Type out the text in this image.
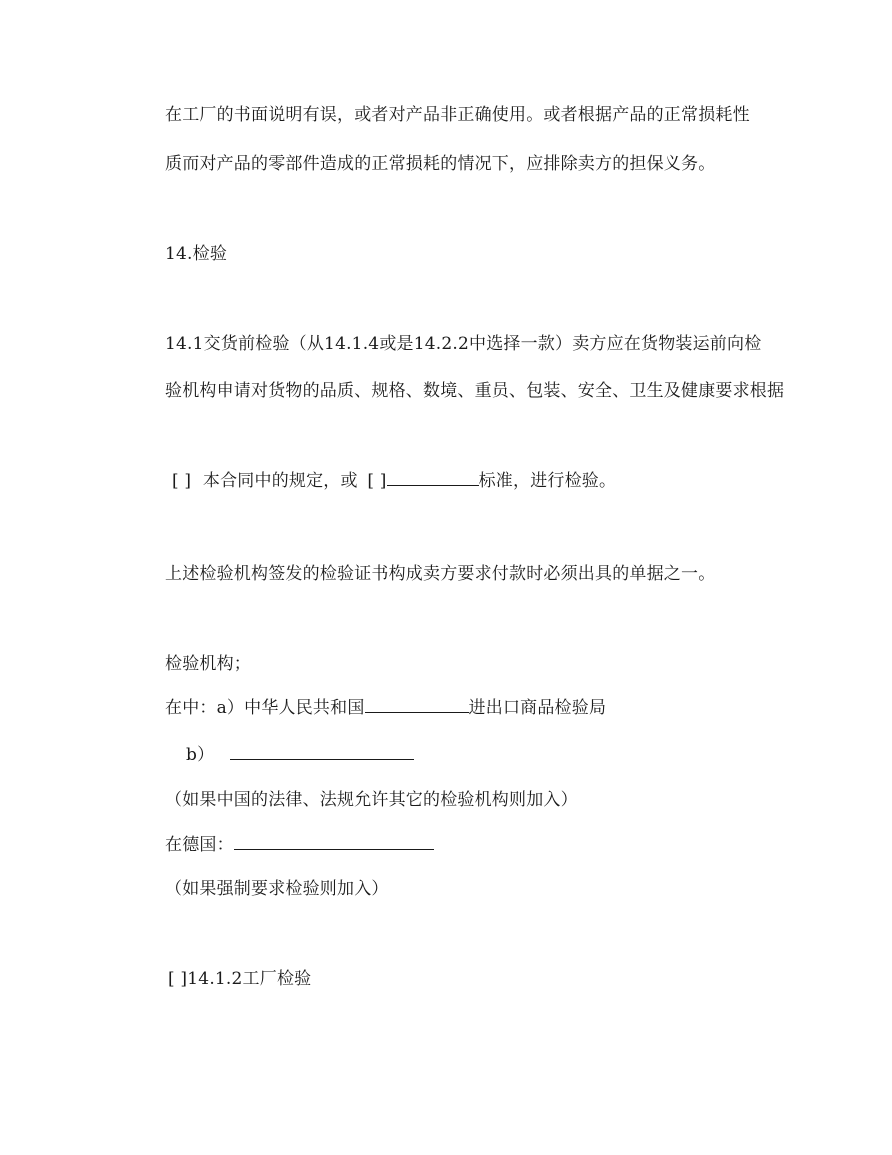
在工厂的书面说明有误，或者对产品非正确使用。或者根据产品的正常损耗性
质而对产品的零部件造成的正常损耗的情况下，应排除卖方的担保义务。
14.检验
14.1交货前检验（从14.1.4或是14.2.2中选择一款）卖方应在货物装运前向检
验机构申请对货物的品质、规格、数境、重员、包装、安全、卫生及健康要求根据
[ ] 本合同中的规定，或 [ ]	标准，进行检验。
上述检验机构签发的检验证书构成卖方要求付款时必须出具的单据之一。
检验机构；
在中：a）中华人民共和国	进出口商品检验局
b）
（如果中国的法律、法规允许其它的检验机构则加入）
在德国：
（如果强制要求检验则加入）
[ ]14.1.2工厂检验
